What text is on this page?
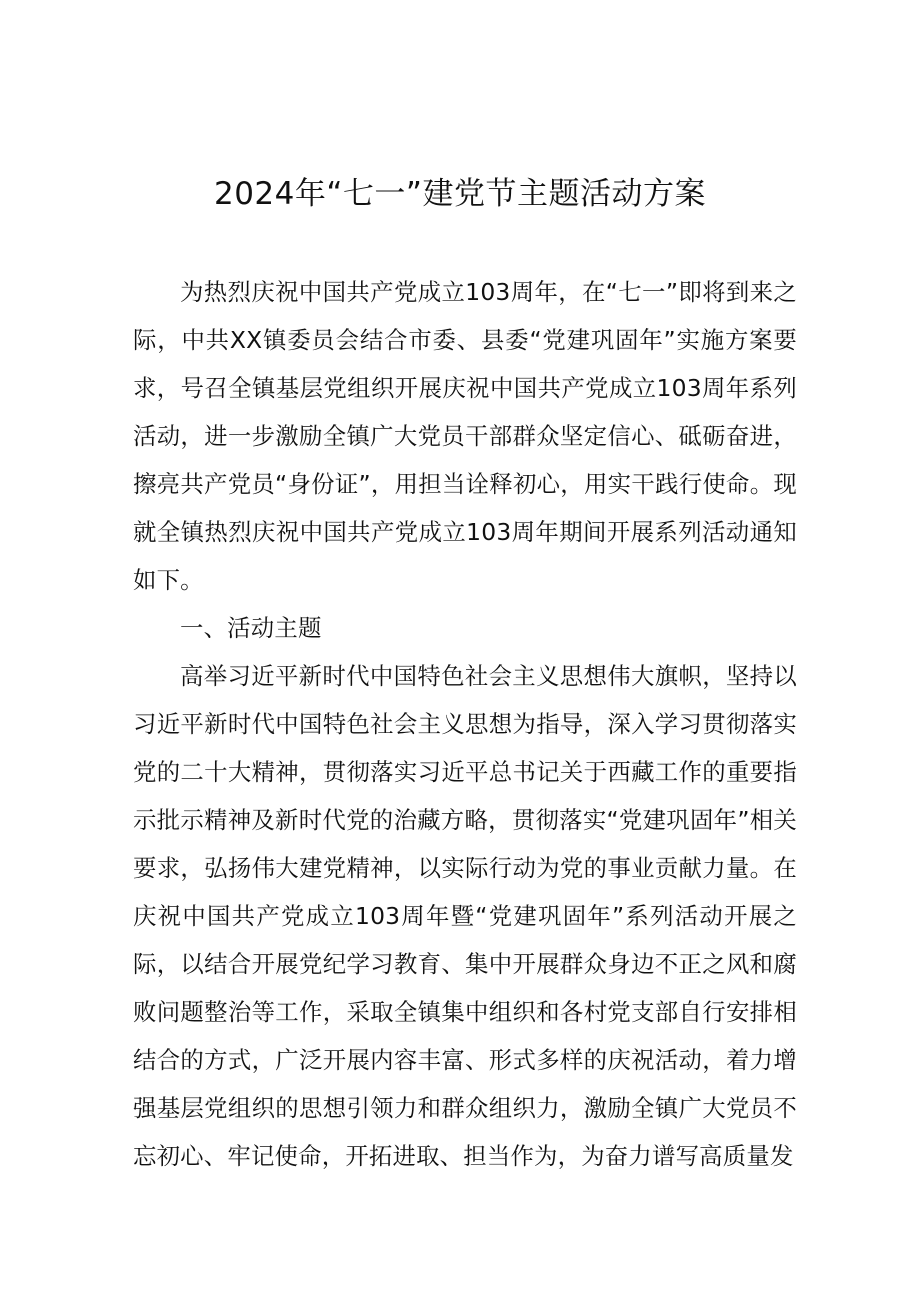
2024年“七一”建党节主题活动方案

为热烈庆祝中国共产党成立103周年，在“七一”即将到来之际，中共XX镇委员会结合市委、县委“党建巩固年”实施方案要求，号召全镇基层党组织开展庆祝中国共产党成立103周年系列活动，进一步激励全镇广大党员干部群众坚定信心、砥砺奋进，擦亮共产党员“身份证”，用担当诠释初心，用实干践行使命。现就全镇热烈庆祝中国共产党成立103周年期间开展系列活动通知如下。

一、活动主题

高举习近平新时代中国特色社会主义思想伟大旗帜，坚持以习近平新时代中国特色社会主义思想为指导，深入学习贯彻落实党的二十大精神，贯彻落实习近平总书记关于西藏工作的重要指示批示精神及新时代党的治藏方略，贯彻落实“党建巩固年”相关要求，弘扬伟大建党精神，以实际行动为党的事业贡献力量。在庆祝中国共产党成立103周年暨“党建巩固年”系列活动开展之际，以结合开展党纪学习教育、集中开展群众身边不正之风和腐败问题整治等工作，采取全镇集中组织和各村党支部自行安排相结合的方式，广泛开展内容丰富、形式多样的庆祝活动，着力增强基层党组织的思想引领力和群众组织力，激励全镇广大党员不忘初心、牢记使命，开拓进取、担当作为，为奋力谱写高质量发
